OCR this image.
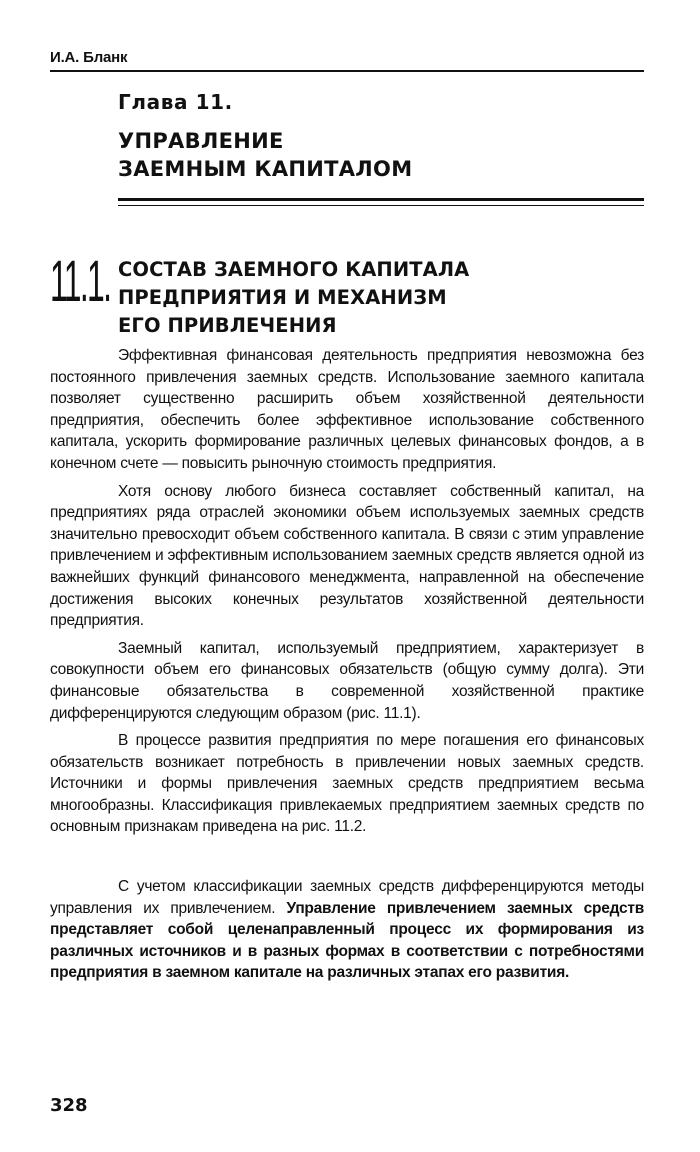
И.А. Бланк
Глава 11.
УПРАВЛЕНИЕ
ЗАЕМНЫМ КАПИТАЛОМ
11.1. СОСТАВ ЗАЕМНОГО КАПИТАЛА
ПРЕДПРИЯТИЯ И МЕХАНИЗМ
ЕГО ПРИВЛЕЧЕНИЯ

Эффективная финансовая деятельность предприятия невозможна без постоянного привлечения заемных средств. Использование заемного капитала позволяет существенно расширить объем хозяйственной деятельности предприятия, обеспечить более эффективное использование собственного капитала, ускорить формирование различных целевых финансовых фондов, а в конечном счете — повысить рыночную стоимость предприятия.

Хотя основу любого бизнеса составляет собственный капитал, на предприятиях ряда отраслей экономики объем используемых заемных средств значительно превосходит объем собственного капитала. В связи с этим управление привлечением и эффективным использованием заемных средств является одной из важнейших функций финансового менеджмента, направленной на обеспечение достижения высоких конечных результатов хозяйственной деятельности предприятия.

Заемный капитал, используемый предприятием, характеризует в совокупности объем его финансовых обязательств (общую сумму долга). Эти финансовые обязательства в современной хозяйственной практике дифференцируются следующим образом (рис. 11.1).

В процессе развития предприятия по мере погашения его финансовых обязательств возникает потребность в привлечении новых заемных средств. Источники и формы привлечения заемных средств предприятием весьма многообразны. Классификация привлекаемых предприятием заемных средств по основным признакам приведена на рис. 11.2.

С учетом классификации заемных средств дифференцируются методы управления их привлечением. Управление привлечением заемных средств представляет собой целенаправленный процесс их формирования из различных источников и в разных формах в соответствии с потребностями предприятия в заемном капитале на различных этапах его развития.

328
